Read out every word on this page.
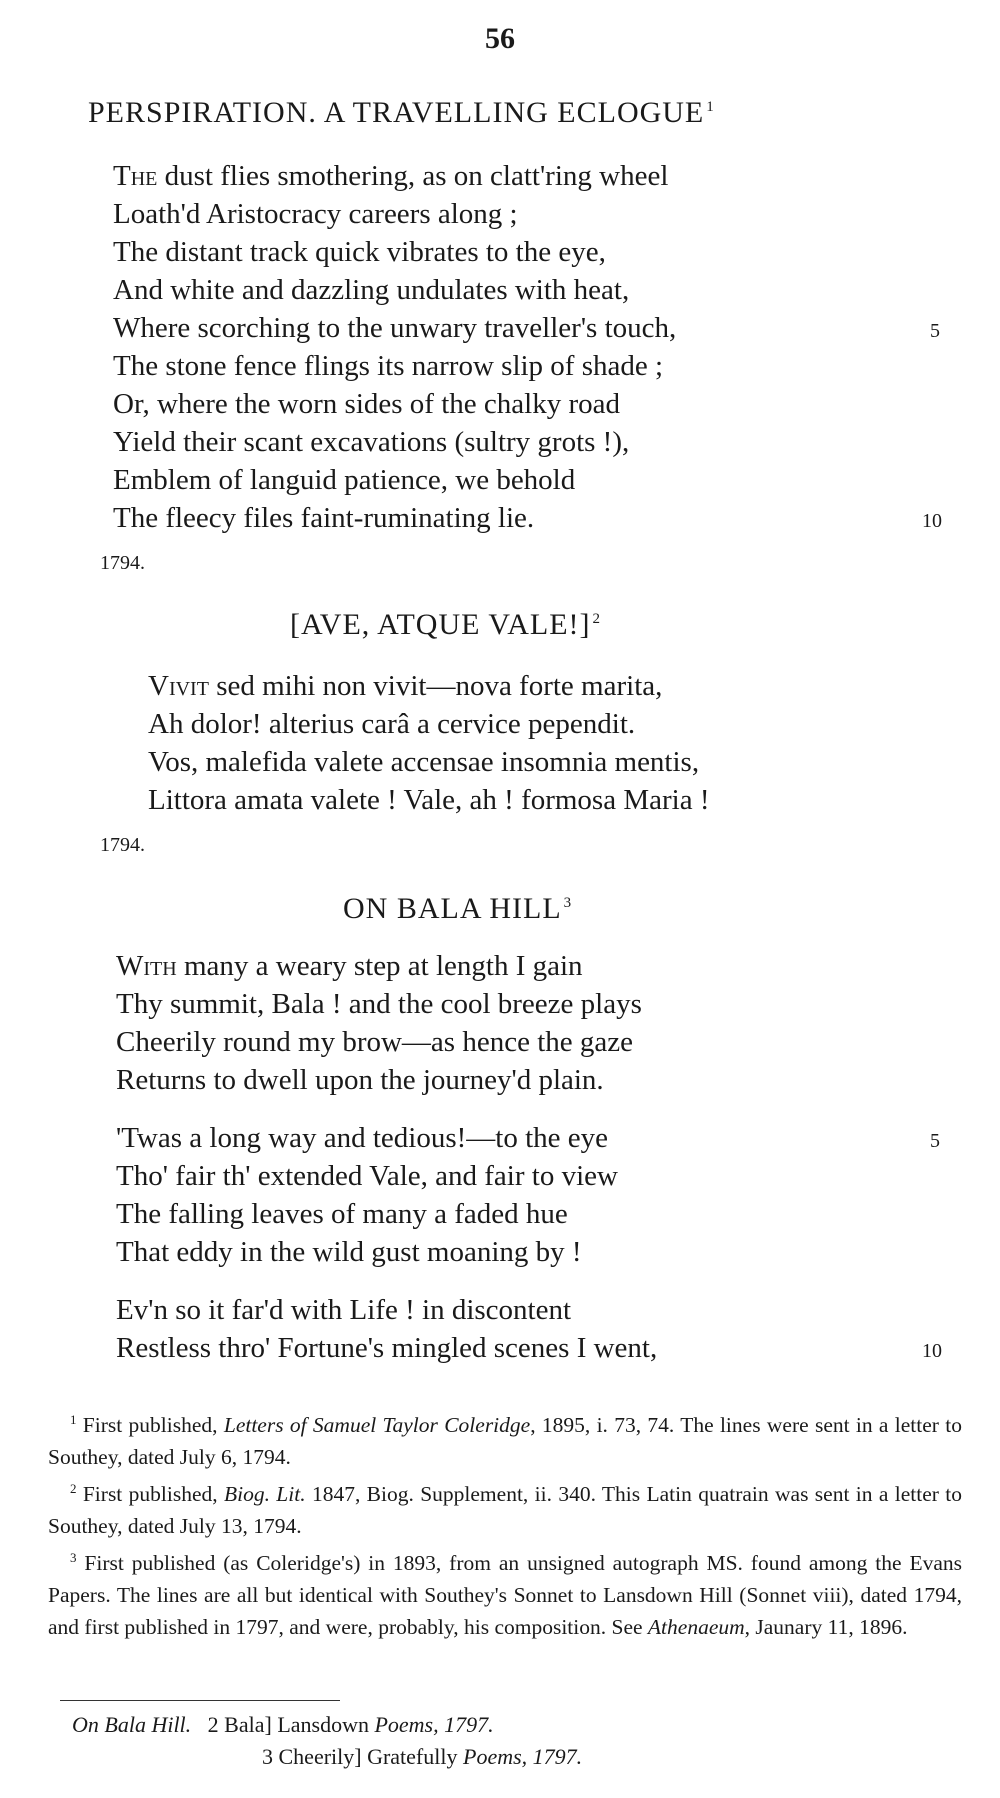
56
PERSPIRATION. A TRAVELLING ECLOGUE $^1$
The dust flies smothering, as on clatt'ring wheel
Loath'd Aristocracy careers along ;
The distant track quick vibrates to the eye,
And white and dazzling undulates with heat,
Where scorching to the unwary traveller's touch,	5
The stone fence flings its narrow slip of shade ;
Or, where the worn sides of the chalky road
Yield their scant excavations (sultry grots !),
Emblem of languid patience, we behold
The fleecy files faint-ruminating lie.	10
1794.
[AVE, ATQUE VALE!] $^2$
Vivit sed mihi non vivit—nova forte marita,
Ah dolor! alterius carâ a cervice pependit.
Vos, malefida valete accensae insomnia mentis,
Littora amata valete ! Vale, ah ! formosa Maria !
1794.
ON BALA HILL $^3$
With many a weary step at length I gain
Thy summit, Bala ! and the cool breeze plays
Cheerily round my brow—as hence the gaze
Returns to dwell upon the journey'd plain.
'Twas a long way and tedious!—to the eye	5
Tho' fair th' extended Vale, and fair to view
The falling leaves of many a faded hue
That eddy in the wild gust moaning by !
Ev'n so it far'd with Life ! in discontent
Restless thro' Fortune's mingled scenes I went,	10

$^1$ First published, Letters of Samuel Taylor Coleridge, 1895, i. 73, 74. The lines were sent in a letter to Southey, dated July 6, 1794.

$^2$ First published, Biog. Lit. 1847, Biog. Supplement, ii. 340. This Latin quatrain was sent in a letter to Southey, dated July 13, 1794.

$^3$ First published (as Coleridge's) in 1893, from an unsigned autograph MS. found among the Evans Papers. The lines are all but identical with Southey's Sonnet to Lansdown Hill (Sonnet viii), dated 1794, and first published in 1797, and were, probably, his composition. See Athenaeum, Jaunary 11, 1896.

On Bala Hill. 2 Bala] Lansdown Poems, 1797.
3 Cheerily] Gratefully Poems, 1797.
